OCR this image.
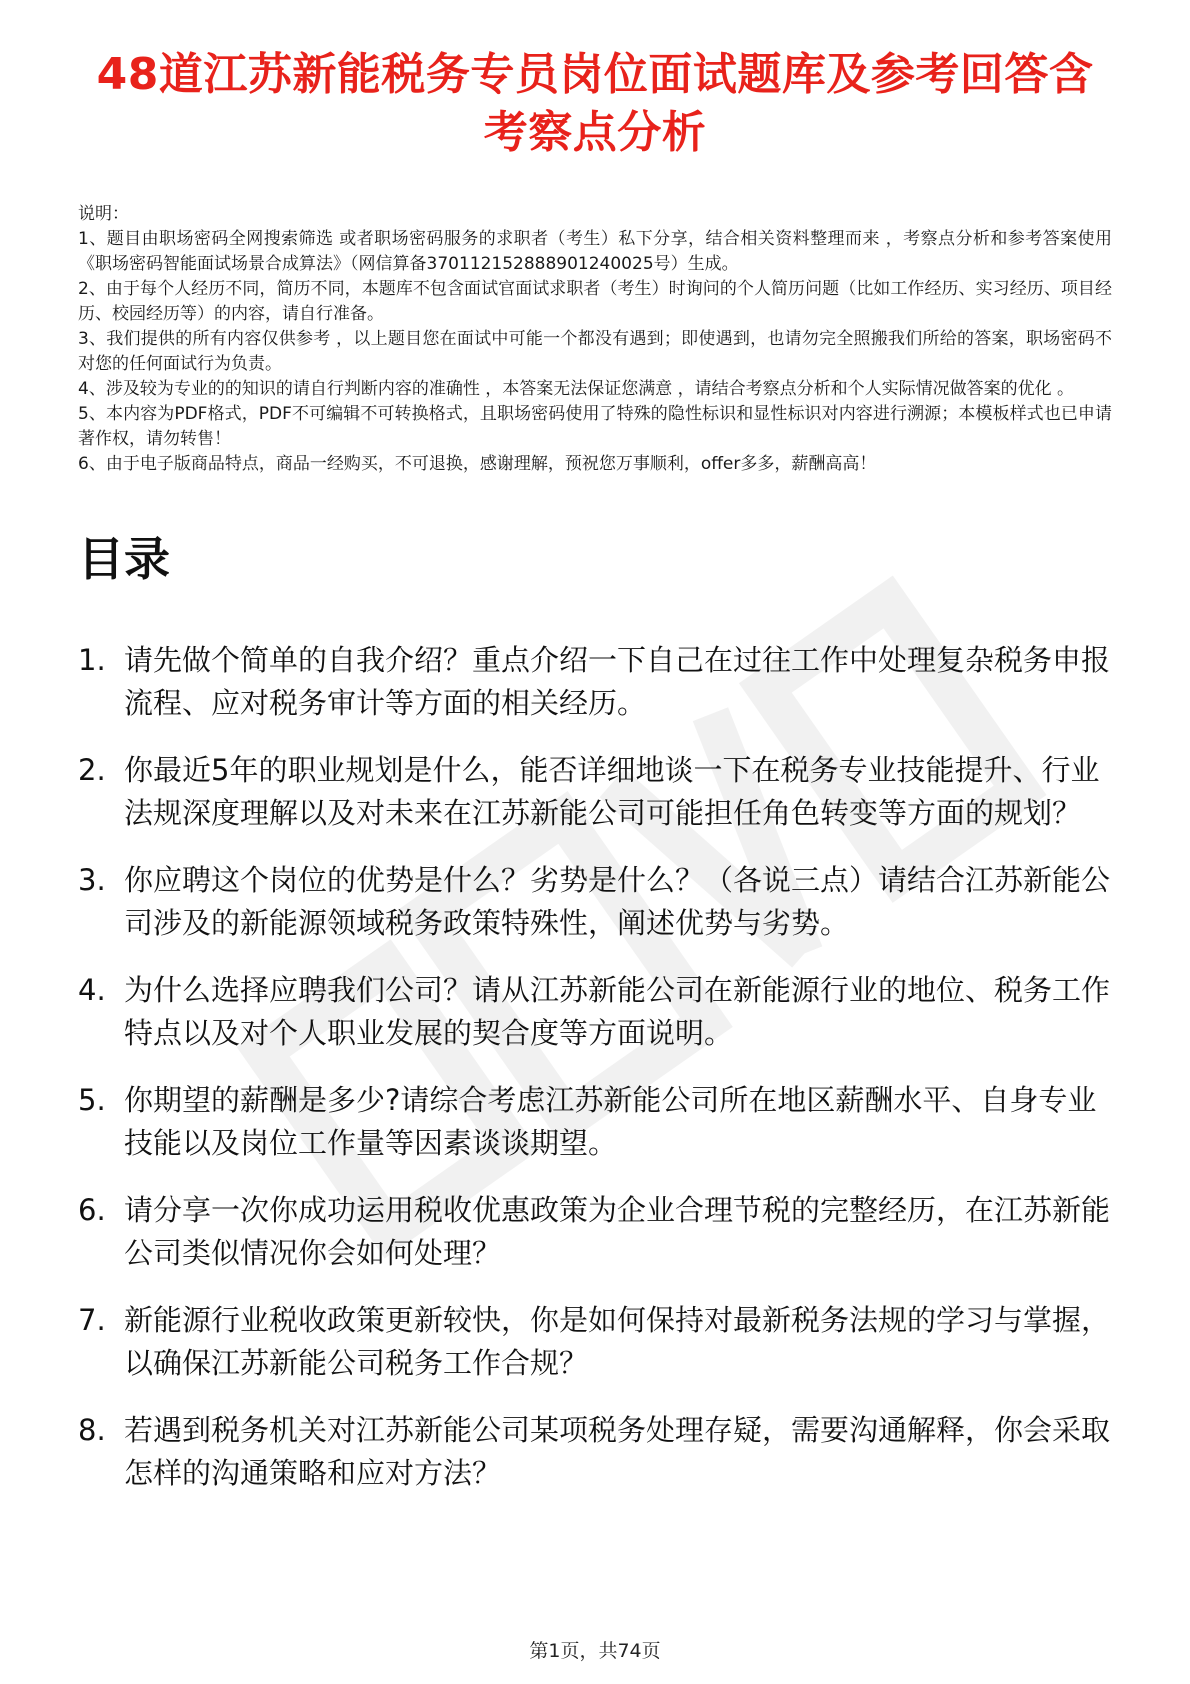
48道江苏新能税务专员岗位面试题库及参考回答含考察点分析
说明：
1、题目由职场密码全网搜索筛选 或者职场密码服务的求职者（考生）私下分享，结合相关资料整理而来 ，考察点分析和参考答案使用《职场密码智能面试场景合成算法》（网信算备370112152888901240025号）生成。
2、由于每个人经历不同，简历不同，本题库不包含面试官面试求职者（考生）时询问的个人简历问题（比如工作经历、实习经历、项目经历、校园经历等）的内容，请自行准备。
3、我们提供的所有内容仅供参考 ，以上题目您在面试中可能一个都没有遇到；即使遇到，也请勿完全照搬我们所给的答案，职场密码不对您的任何面试行为负责。
4、涉及较为专业的的知识的请自行判断内容的准确性 ，本答案无法保证您满意 ，请结合考察点分析和个人实际情况做答案的优化 。
5、本内容为PDF格式，PDF不可编辑不可转换格式，且职场密码使用了特殊的隐性标识和显性标识对内容进行溯源；本模板样式也已申请著作权，请勿转售！
6、由于电子版商品特点，商品一经购买，不可退换，感谢理解，预祝您万事顺利，offer多多，薪酬高高！
目录
1. 请先做个简单的自我介绍？重点介绍一下自己在过往工作中处理复杂税务申报流程、应对税务审计等方面的相关经历。
2. 你最近5年的职业规划是什么，能否详细地谈一下在税务专业技能提升、行业法规深度理解以及对未来在江苏新能公司可能担任角色转变等方面的规划？
3. 你应聘这个岗位的优势是什么？劣势是什么？（各说三点）请结合江苏新能公司涉及的新能源领域税务政策特殊性，阐述优势与劣势。
4. 为什么选择应聘我们公司？请从江苏新能公司在新能源行业的地位、税务工作特点以及对个人职业发展的契合度等方面说明。
5. 你期望的薪酬是多少?请综合考虑江苏新能公司所在地区薪酬水平、自身专业技能以及岗位工作量等因素谈谈期望。
6. 请分享一次你成功运用税收优惠政策为企业合理节税的完整经历，在江苏新能公司类似情况你会如何处理？
7. 新能源行业税收政策更新较快，你是如何保持对最新税务法规的学习与掌握，以确保江苏新能公司税务工作合规？
8. 若遇到税务机关对江苏新能公司某项税务处理存疑，需要沟通解释，你会采取怎样的沟通策略和应对方法？
第1页，共74页
